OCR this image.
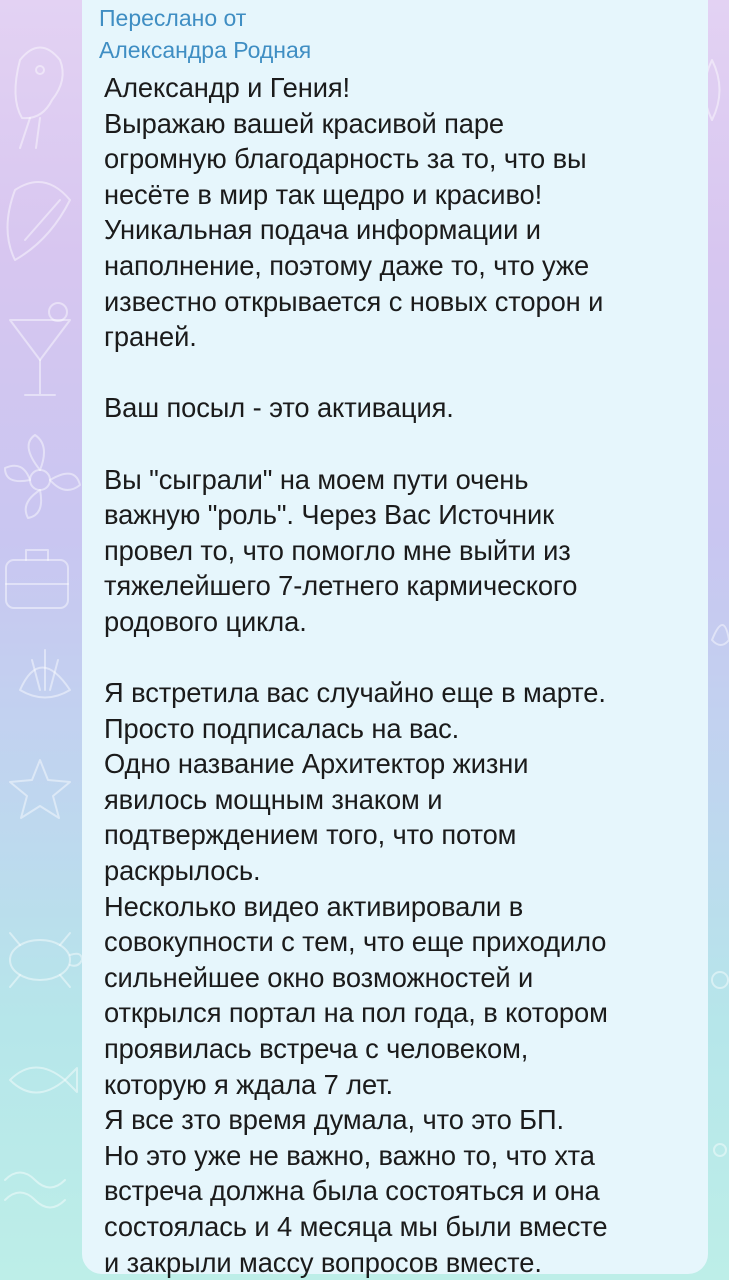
Переслано от
Александра Родная
Александр и Гения!
Выражаю вашей красивой паре
огромную благодарность за то, что вы
несёте в мир так щедро и красиво!
Уникальная подача информации и
наполнение, поэтому даже то, что уже
известно открывается с новых сторон и
граней.

Ваш посыл - это активация.

Вы "сыграли" на моем пути очень
важную "роль". Через Вас Источник
провел то, что помогло мне выйти из
тяжелейшего 7-летнего кармического
родового цикла.

Я встретила вас случайно еще в марте.
Просто подписалась на вас.
Одно название Архитектор жизни
явилось мощным знаком и
подтверждением того, что потом
раскрылось.
Несколько видео активировали в
совокупности с тем, что еще приходило
сильнейшее окно возможностей и
открылся портал на пол года, в котором
проявилась встреча с человеком,
которую я ждала 7 лет.
Я все зто время думала, что это БП.
Но это уже не важно, важно то, что хта
встреча должна была состояться и она
состоялась и 4 месяца мы были вместе
и закрыли массу вопросов вместе.
